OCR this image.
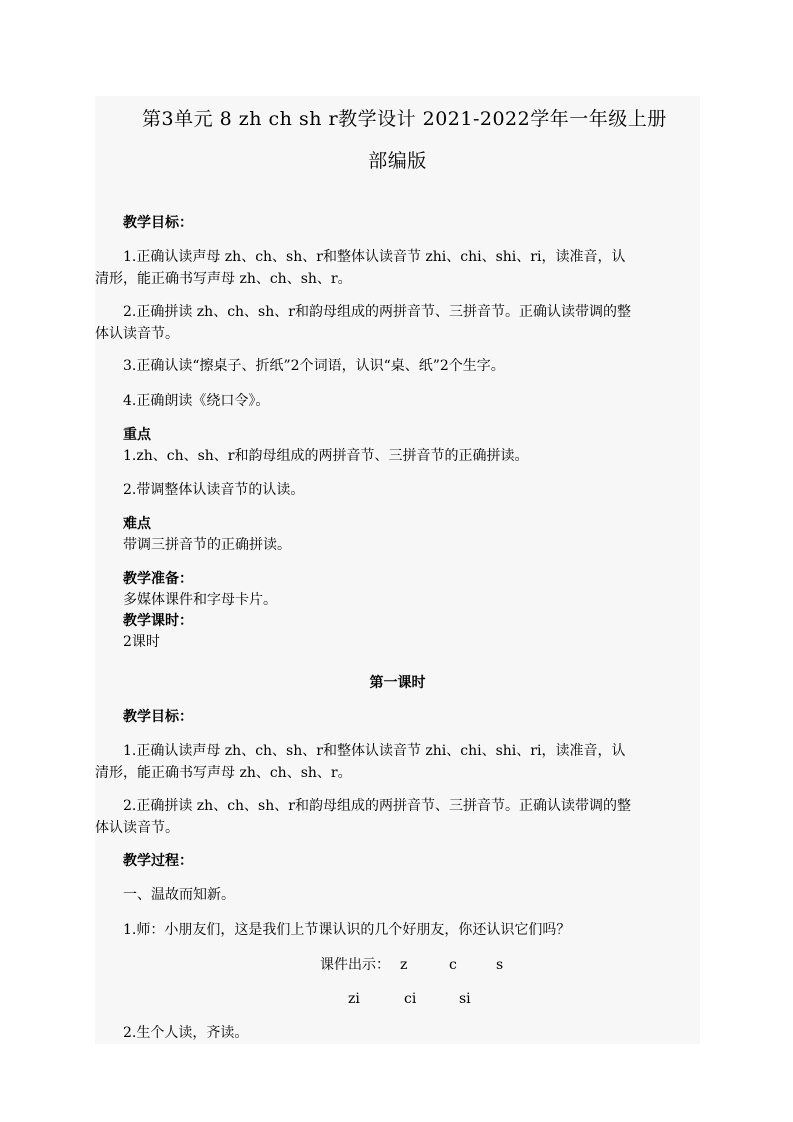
第3单元 8 zh ch sh r教学设计 2021-2022学年一年级上册
部编版
教学目标：
1.正确认读声母 zh、ch、sh、r和整体认读音节 zhi、chi、shi、ri，读准音，认
清形，能正确书写声母 zh、ch、sh、r。
2.正确拼读 zh、ch、sh、r和韵母组成的两拼音节、三拼音节。正确认读带调的整
体认读音节。
3.正确认读“擦桌子、折纸”2个词语，认识“桌、纸”2个生字。
4.正确朗读《绕口令》。
重点
1.zh、ch、sh、r和韵母组成的两拼音节、三拼音节的正确拼读。
2.带调整体认读音节的认读。
难点
带调三拼音节的正确拼读。
教学准备：
多媒体课件和字母卡片。
教学课时：
2课时
第一课时
教学目标：
1.正确认读声母 zh、ch、sh、r和整体认读音节 zhi、chi、shi、ri，读准音，认
清形，能正确书写声母 zh、ch、sh、r。
2.正确拼读 zh、ch、sh、r和韵母组成的两拼音节、三拼音节。正确认读带调的整
体认读音节。
教学过程：
一、温故而知新。
1.师：小朋友们，这是我们上节课认识的几个好朋友，你还认识它们吗？
课件出示： z	c	s
zi	ci	si
2.生个人读，齐读。
